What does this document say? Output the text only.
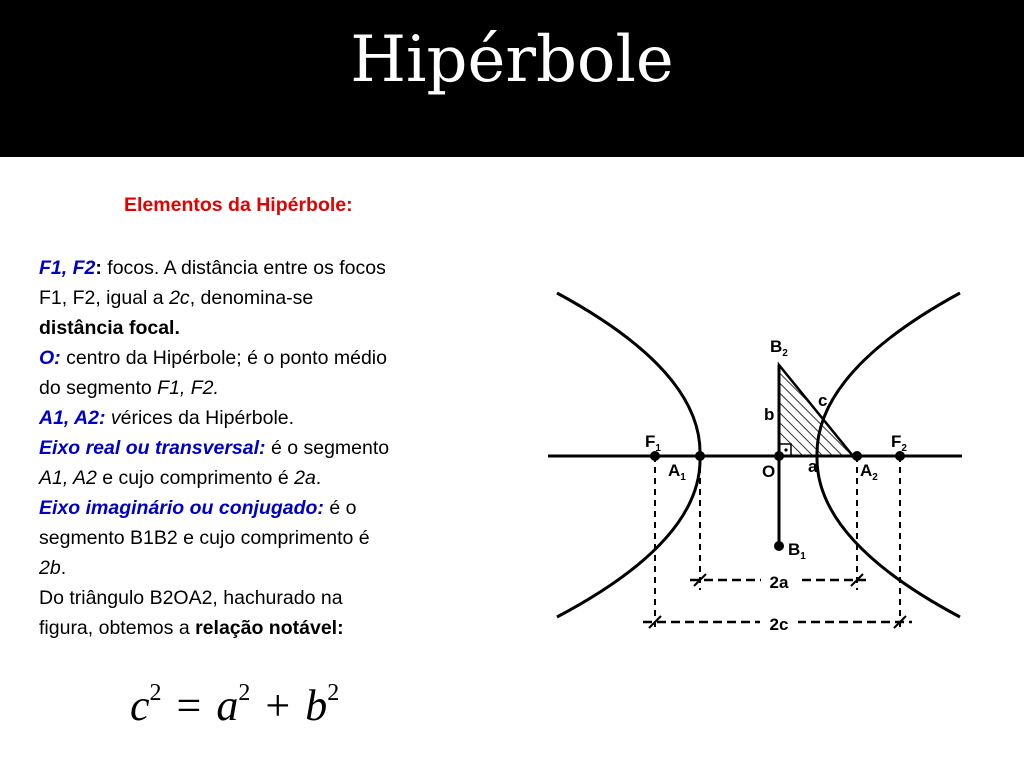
Hipérbole
Elementos da Hipérbole:
F1, F2: focos. A distância entre os focos
F1, F2, igual a 2c, denomina-se
distância focal.
O: centro da Hipérbole; é o ponto médio
do segmento F1, F2.
A1, A2: vérices da Hipérbole.
Eixo real ou transversal: é o segmento
A1, A2 e cujo comprimento é 2a.
Eixo imaginário ou conjugado: é o
segmento B1B2 e cujo comprimento é
2b.
Do triângulo B2OA2, hachurado na
figura, obtemos a relação notável:
$c^2 = a^2 + b^2$
2a
2c
$F_1$	$F_2$
$A_1$	$A_2$
O
$B_2$
$B_1$
a
b
c
